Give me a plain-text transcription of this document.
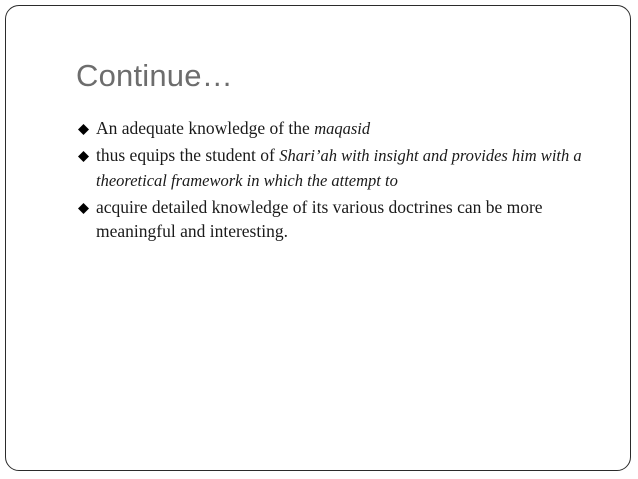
Continue…
An adequate knowledge of the maqasid
thus equips the student of Shari’ah with insight and provides him with a theoretical framework in which the attempt to
acquire detailed knowledge of its various doctrines can be more meaningful and interesting.
